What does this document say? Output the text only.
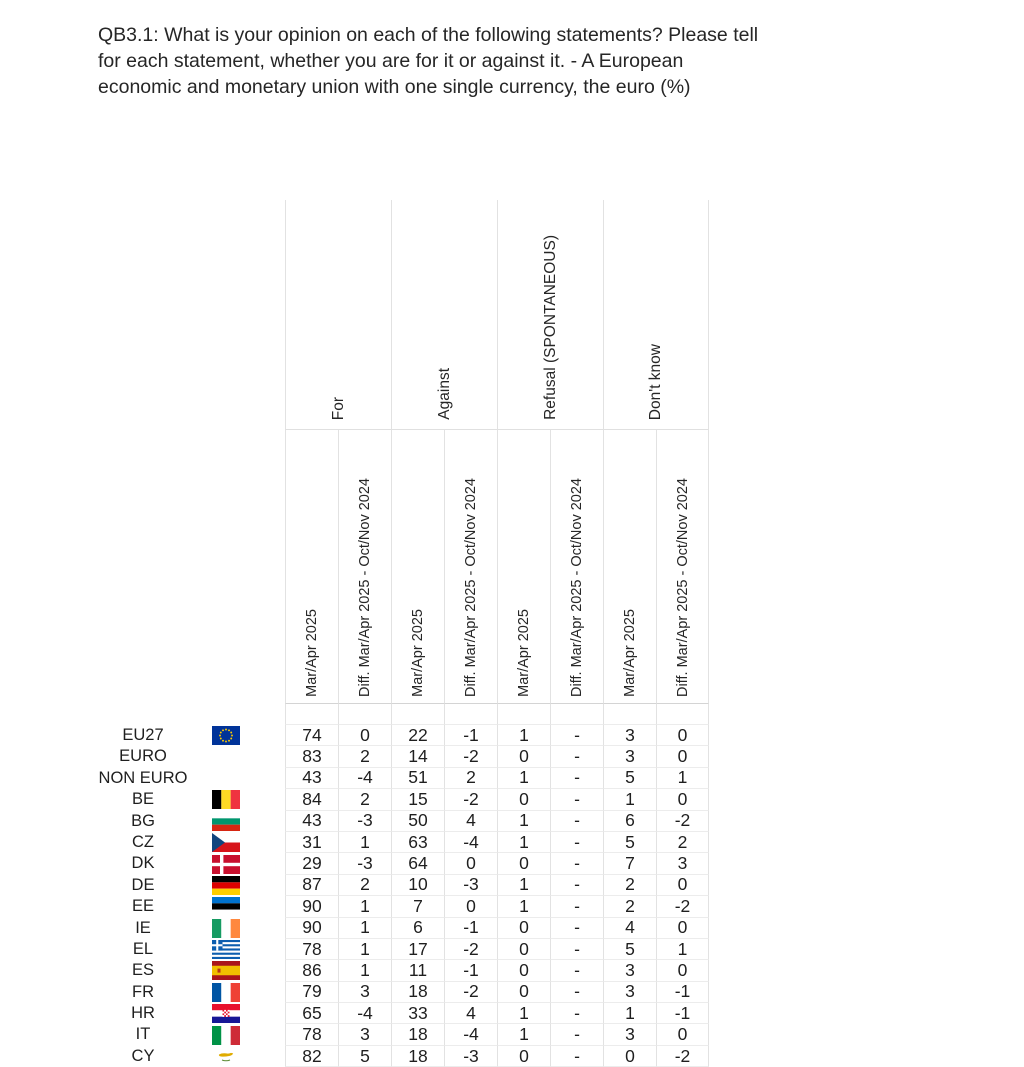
QB3.1: What is your opinion on each of the following statements? Please tell
for each statement, whether you are for it or against it. - A European
economic and monetary union with one single currency, the euro (%)
For	Against	Refusal (SPONTANEOUS)	Don't know
Mar/Apr 2025	Diff. Mar/Apr 2025 - Oct/Nov 2024	Mar/Apr 2025	Diff. Mar/Apr 2025 - Oct/Nov 2024	Mar/Apr 2025	Diff. Mar/Apr 2025 - Oct/Nov 2024	Mar/Apr 2025	Diff. Mar/Apr 2025 - Oct/Nov 2024
EU27	74	0	22	-1	1	-	3	0
EURO	83	2	14	-2	0	-	3	0
NON EURO	43	-4	51	2	1	-	5	1
BE	84	2	15	-2	0	-	1	0
BG	43	-3	50	4	1	-	6	-2
CZ	31	1	63	-4	1	-	5	2
DK	29	-3	64	0	0	-	7	3
DE	87	2	10	-3	1	-	2	0
EE	90	1	7	0	1	-	2	-2
IE	90	1	6	-1	0	-	4	0
EL	78	1	17	-2	0	-	5	1
ES	86	1	11	-1	0	-	3	0
FR	79	3	18	-2	0	-	3	-1
HR	65	-4	33	4	1	-	1	-1
IT	78	3	18	-4	1	-	3	0
CY	82	5	18	-3	0	-	0	-2
